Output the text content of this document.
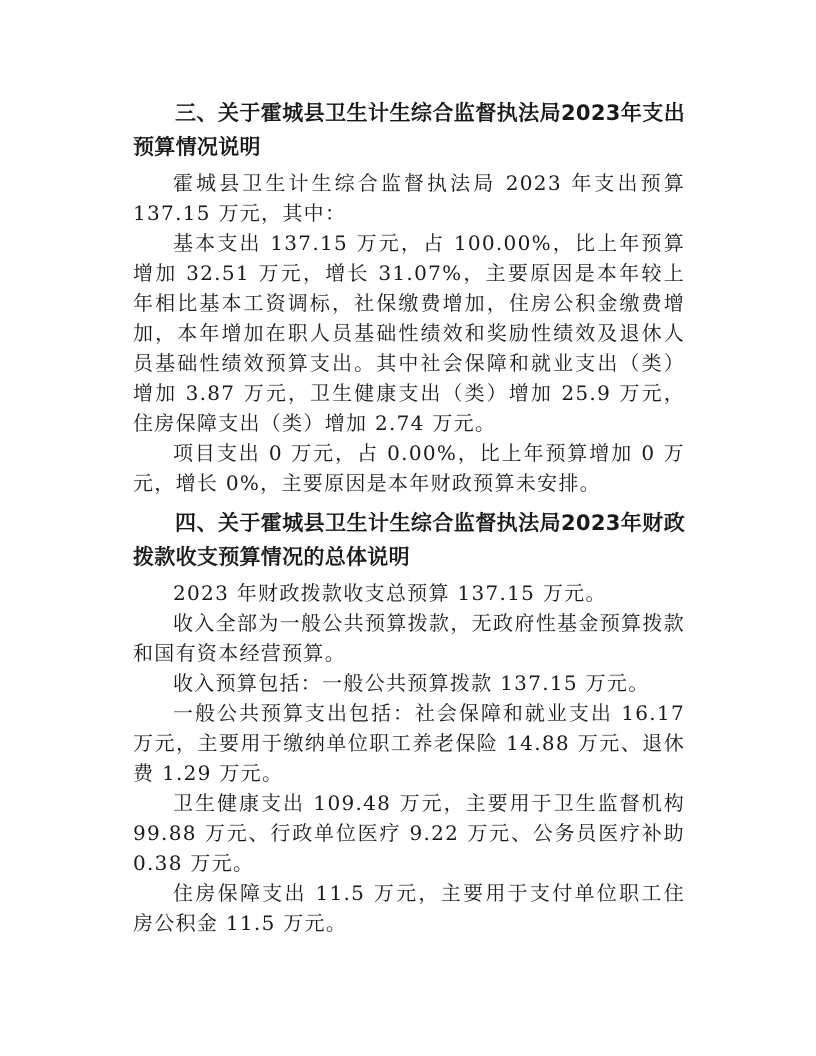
三、关于霍城县卫生计生综合监督执法局2023年支出预算情况说明

霍城县卫生计生综合监督执法局 2023 年支出预算 137.15 万元，其中：

基本支出 137.15 万元，占 100.00%，比上年预算增加 32.51 万元，增长 31.07%，主要原因是本年较上年相比基本工资调标，社保缴费增加，住房公积金缴费增加，本年增加在职人员基础性绩效和奖励性绩效及退休人员基础性绩效预算支出。其中社会保障和就业支出（类）增加 3.87 万元，卫生健康支出（类）增加 25.9 万元， 住房保障支出（类）增加 2.74 万元。

项目支出 0 万元，占 0.00%，比上年预算增加 0 万元，增长 0%，主要原因是本年财政预算未安排。

四、关于霍城县卫生计生综合监督执法局2023年财政拨款收支预算情况的总体说明

2023 年财政拨款收支总预算 137.15 万元。

收入全部为一般公共预算拨款，无政府性基金预算拨款和国有资本经营预算。

收入预算包括：一般公共预算拨款 137.15 万元。

一般公共预算支出包括：社会保障和就业支出 16.17 万元，主要用于缴纳单位职工养老保险 14.88 万元、退休费 1.29 万元。

卫生健康支出 109.48 万元，主要用于卫生监督机构 99.88 万元、行政单位医疗 9.22 万元、公务员医疗补助 0.38 万元。

住房保障支出 11.5 万元，主要用于支付单位职工住房公积金 11.5 万元。
